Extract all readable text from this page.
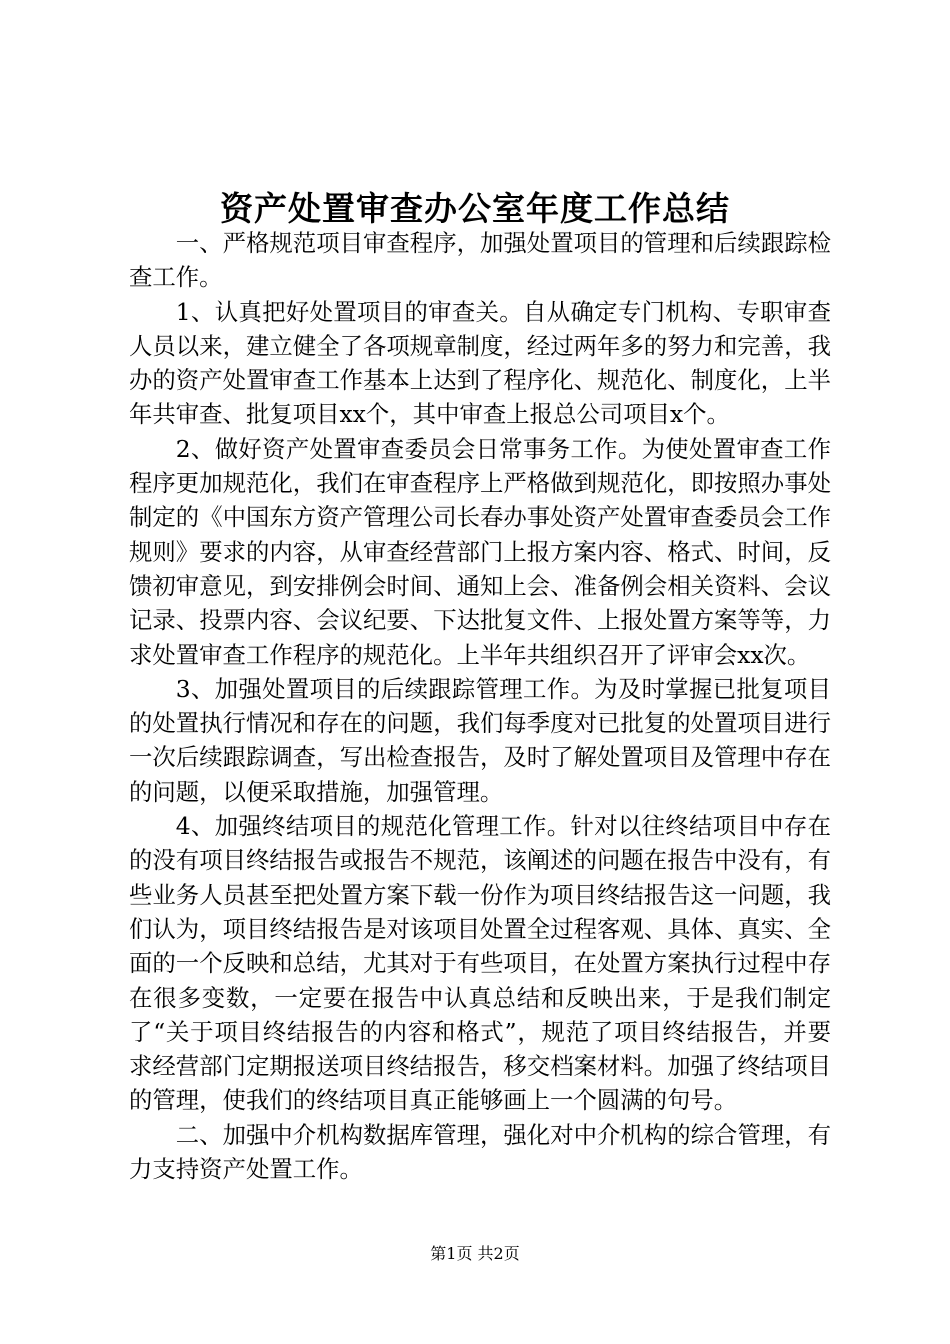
资产处置审查办公室年度工作总结

一、严格规范项目审查程序，加强处置项目的管理和后续跟踪检查工作。

1、认真把好处置项目的审查关。自从确定专门机构、专职审查人员以来，建立健全了各项规章制度，经过两年多的努力和完善，我办的资产处置审查工作基本上达到了程序化、规范化、制度化，上半年共审查、批复项目xx个，其中审查上报总公司项目x个。

2、做好资产处置审查委员会日常事务工作。为使处置审查工作程序更加规范化，我们在审查程序上严格做到规范化，即按照办事处制定的《中国东方资产管理公司长春办事处资产处置审查委员会工作规则》要求的内容，从审查经营部门上报方案内容、格式、时间，反馈初审意见，到安排例会时间、通知上会、准备例会相关资料、会议记录、投票内容、会议纪要、下达批复文件、上报处置方案等等，力求处置审查工作程序的规范化。上半年共组织召开了评审会xx次。

3、加强处置项目的后续跟踪管理工作。为及时掌握已批复项目的处置执行情况和存在的问题，我们每季度对已批复的处置项目进行一次后续跟踪调查，写出检查报告，及时了解处置项目及管理中存在的问题，以便采取措施，加强管理。

4、加强终结项目的规范化管理工作。针对以往终结项目中存在的没有项目终结报告或报告不规范，该阐述的问题在报告中没有，有些业务人员甚至把处置方案下载一份作为项目终结报告这一问题，我们认为，项目终结报告是对该项目处置全过程客观、具体、真实、全面的一个反映和总结，尤其对于有些项目，在处置方案执行过程中存在很多变数，一定要在报告中认真总结和反映出来，于是我们制定了“关于项目终结报告的内容和格式”，规范了项目终结报告，并要求经营部门定期报送项目终结报告，移交档案材料。加强了终结项目的管理，使我们的终结项目真正能够画上一个圆满的句号。

二、加强中介机构数据库管理，强化对中介机构的综合管理，有力支持资产处置工作。

第1页 共2页
